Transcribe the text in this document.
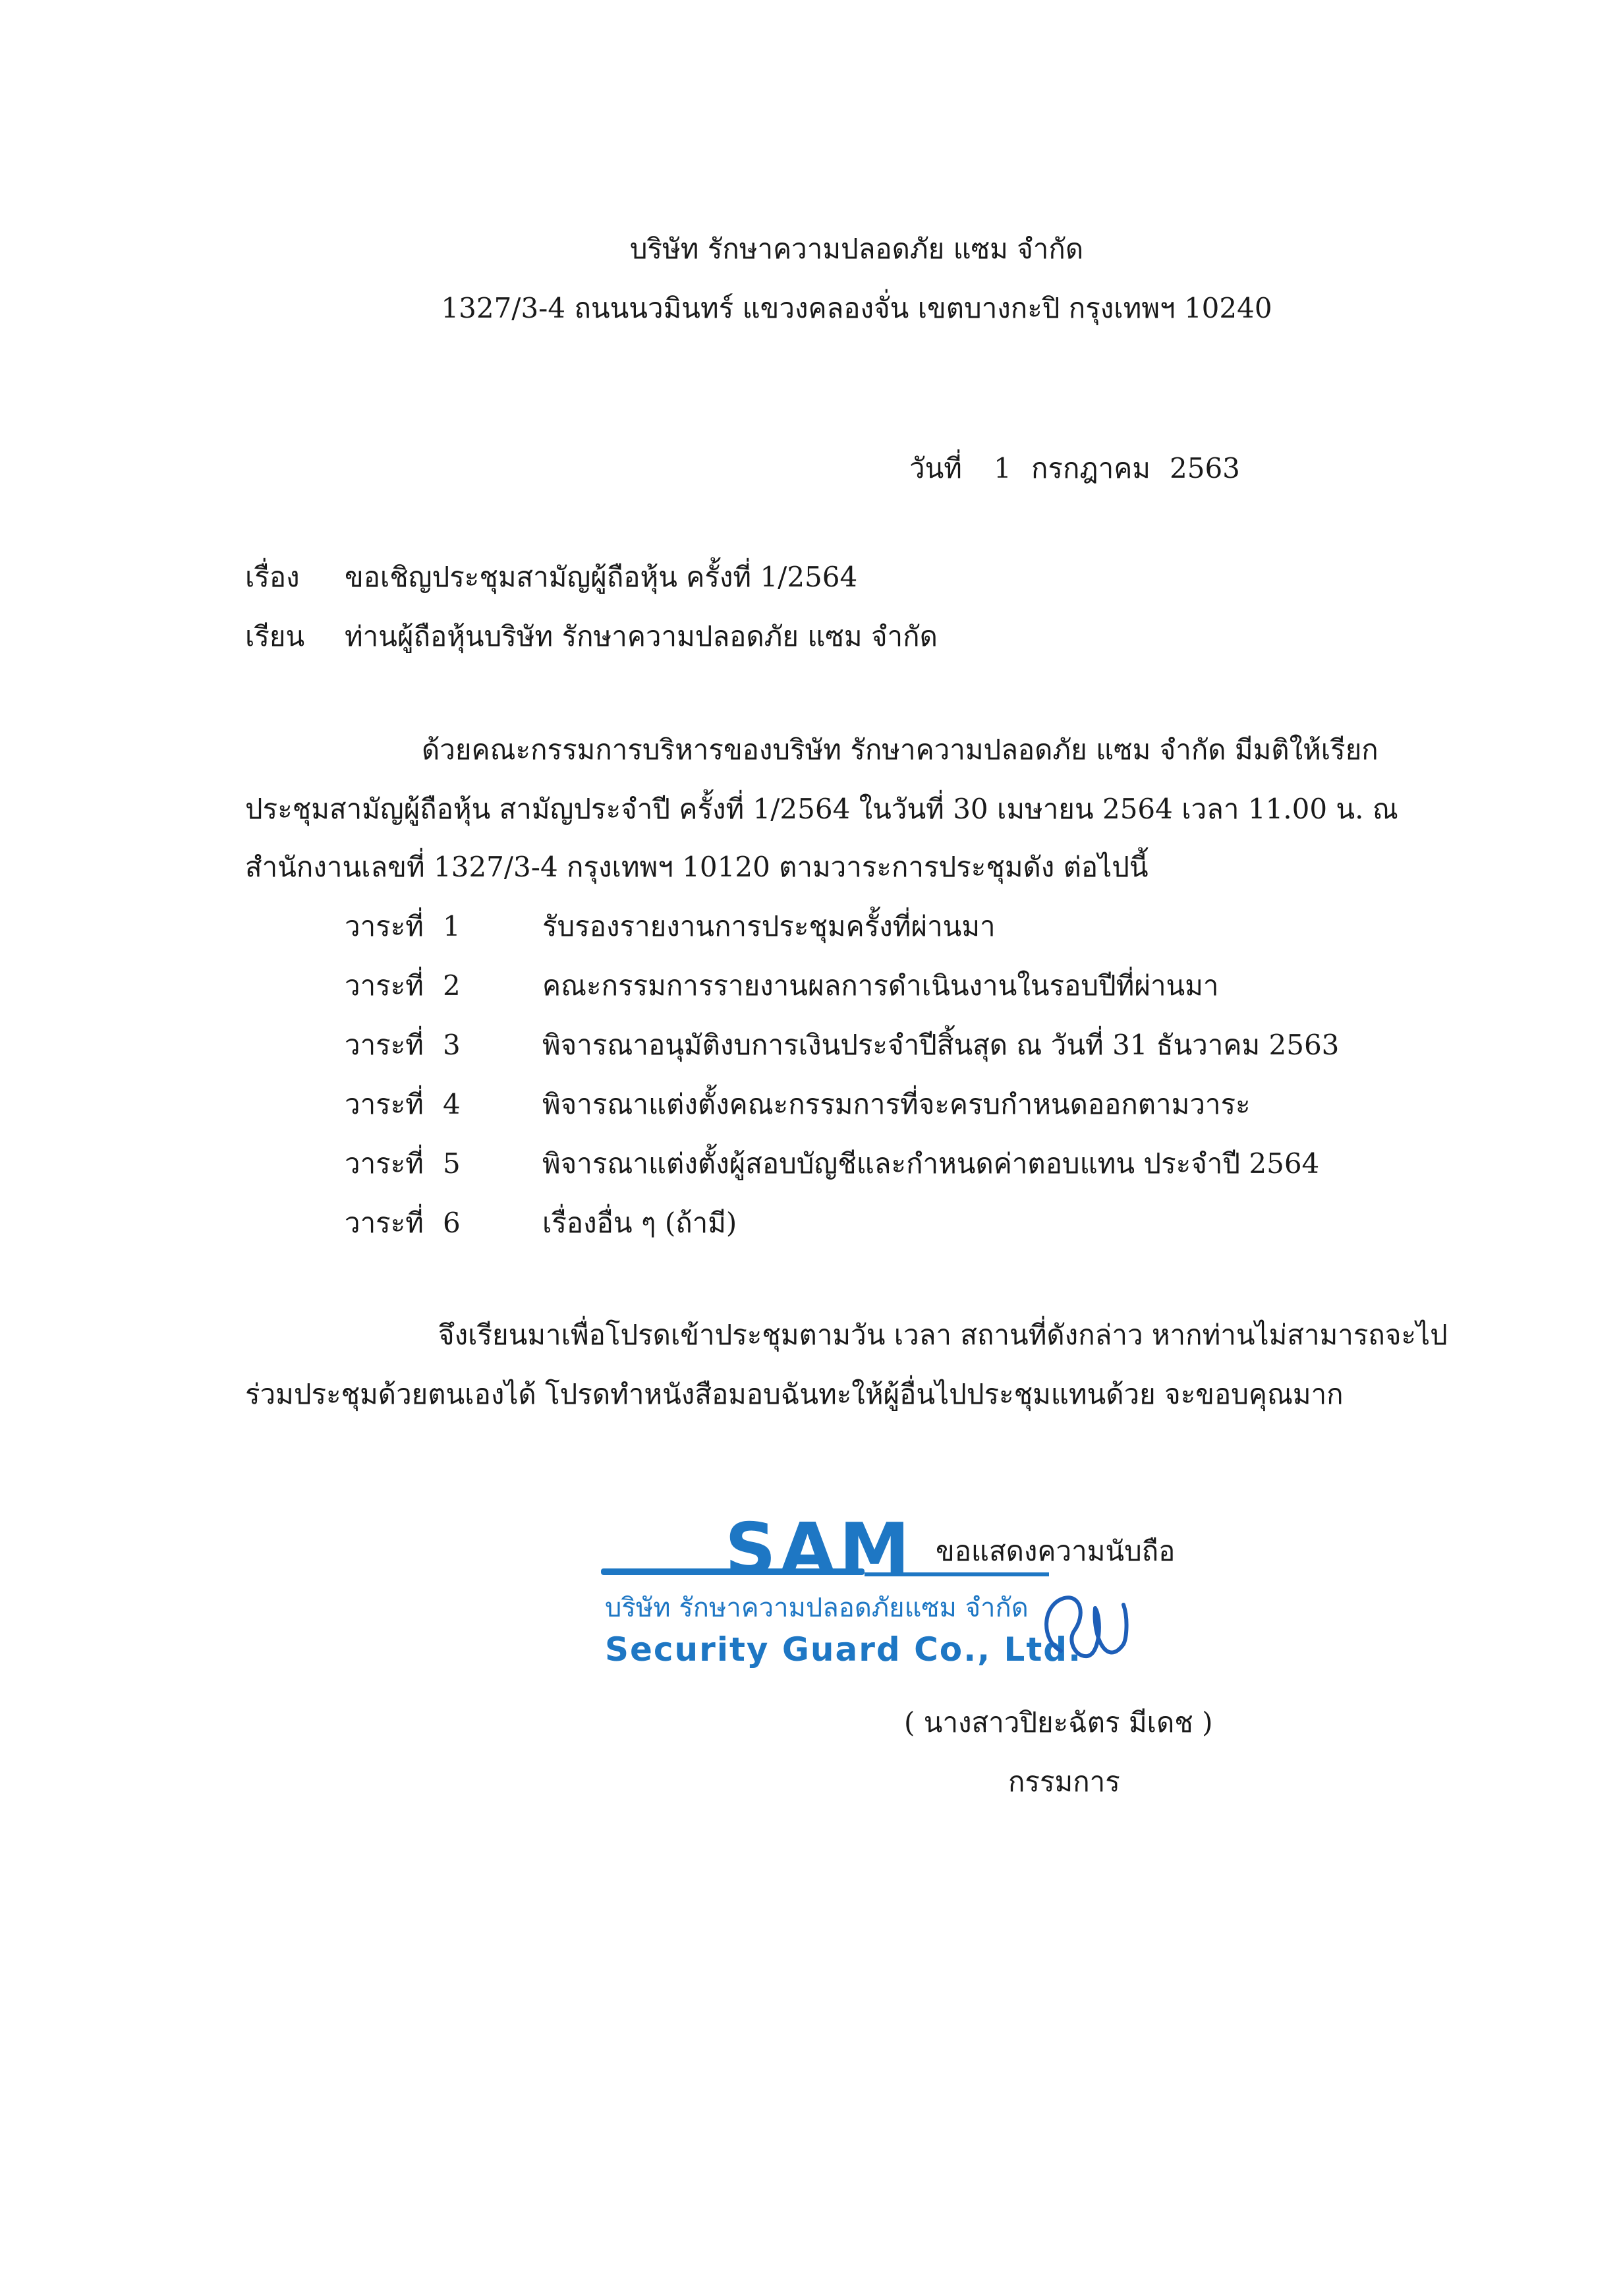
บริษัท รักษาความปลอดภัย แซม จำกัด
1327/3-4 ถนนนวมินทร์ แขวงคลองจั่น เขตบางกะปิ กรุงเทพฯ 10240
วันที่ 1 กรกฎาคม 2563
เรื่อง ขอเชิญประชุมสามัญผู้ถือหุ้น ครั้งที่ 1/2564
เรียน ท่านผู้ถือหุ้นบริษัท รักษาความปลอดภัย แซม จำกัด
ด้วยคณะกรรมการบริหารของบริษัท รักษาความปลอดภัย แซม จำกัด มีมติให้เรียก
ประชุมสามัญผู้ถือหุ้น สามัญประจำปี ครั้งที่ 1/2564 ในวันที่ 30 เมษายน 2564 เวลา 11.00 น. ณ
สำนักงานเลขที่ 1327/3-4 กรุงเทพฯ 10120 ตามวาระการประชุมดัง ต่อไปนี้
วาระที่ 1	รับรองรายงานการประชุมครั้งที่ผ่านมา
วาระที่ 2	คณะกรรมการรายงานผลการดำเนินงานในรอบปีที่ผ่านมา
วาระที่ 3	พิจารณาอนุมัติงบการเงินประจำปีสิ้นสุด ณ วันที่ 31 ธันวาคม 2563
วาระที่ 4	พิจารณาแต่งตั้งคณะกรรมการที่จะครบกำหนดออกตามวาระ
วาระที่ 5	พิจารณาแต่งตั้งผู้สอบบัญชีและกำหนดค่าตอบแทน ประจำปี 2564
วาระที่ 6	เรื่องอื่น ๆ (ถ้ามี)
จึงเรียนมาเพื่อโปรดเข้าประชุมตามวัน เวลา สถานที่ดังกล่าว หากท่านไม่สามารถจะไป
ร่วมประชุมด้วยตนเองได้ โปรดทำหนังสือมอบฉันทะให้ผู้อื่นไปประชุมแทนด้วย จะขอบคุณมาก
SAM
บริษัท รักษาความปลอดภัยแซม จำกัด
Security Guard Co., Ltd.
ขอแสดงความนับถือ
( นางสาวปิยะฉัตร มีเดช )
กรรมการ
